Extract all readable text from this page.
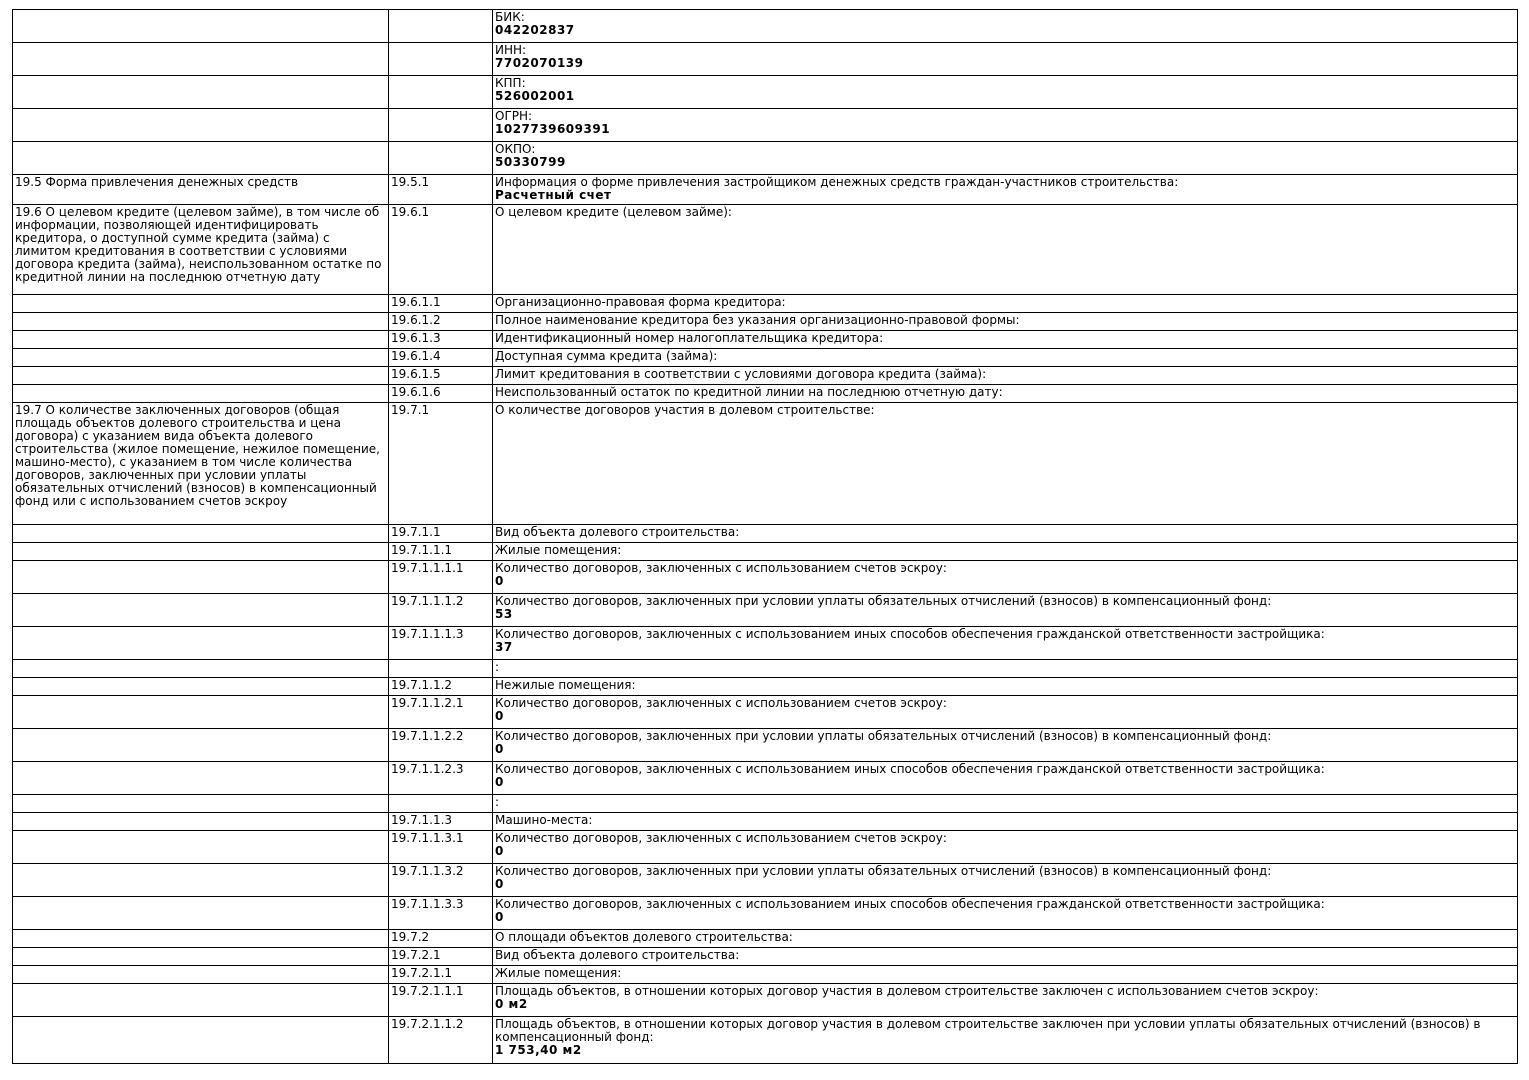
		БИК:
042202837

		ИНН:
7702070139

		КПП:
526002001

		ОГРН:
1027739609391

		ОКПО:
50330799

19.5 Форма привлечения денежных средств	19.5.1	Информация о форме привлечения застройщиком денежных средств граждан-участников строительства:
Расчетный счет

19.6 О целевом кредите (целевом займе), в том числе об информации, позволяющей идентифицировать кредитора, о доступной сумме кредита (займа) с лимитом кредитования в соответствии с условиями договора кредита (займа), неиспользованном остатке по кредитной линии на последнюю отчетную дату	19.6.1	О целевом кредите (целевом займе):

	19.6.1.1	Организационно-правовая форма кредитора:

	19.6.1.2	Полное наименование кредитора без указания организационно-правовой формы:

	19.6.1.3	Идентификационный номер налогоплательщика кредитора:

	19.6.1.4	Доступная сумма кредита (займа):

	19.6.1.5	Лимит кредитования в соответствии с условиями договора кредита (займа):

	19.6.1.6	Неиспользованный остаток по кредитной линии на последнюю отчетную дату:

19.7 О количестве заключенных договоров (общая площадь объектов долевого строительства и цена договора) с указанием вида объекта долевого строительства (жилое помещение, нежилое помещение, машино-место), с указанием в том числе количества договоров, заключенных при условии уплаты обязательных отчислений (взносов) в компенсационный фонд или с использованием счетов эскроу	19.7.1	О количестве договоров участия в долевом строительстве:

	19.7.1.1	Вид объекта долевого строительства:

	19.7.1.1.1	Жилые помещения:

	19.7.1.1.1.1	Количество договоров, заключенных с использованием счетов эскроу:
0

	19.7.1.1.1.2	Количество договоров, заключенных при условии уплаты обязательных отчислений (взносов) в компенсационный фонд:
53

	19.7.1.1.1.3	Количество договоров, заключенных с использованием иных способов обеспечения гражданской ответственности застройщика:
37

		:

	19.7.1.1.2	Нежилые помещения:

	19.7.1.1.2.1	Количество договоров, заключенных с использованием счетов эскроу:
0

	19.7.1.1.2.2	Количество договоров, заключенных при условии уплаты обязательных отчислений (взносов) в компенсационный фонд:
0

	19.7.1.1.2.3	Количество договоров, заключенных с использованием иных способов обеспечения гражданской ответственности застройщика:
0

		:

	19.7.1.1.3	Машино-места:

	19.7.1.1.3.1	Количество договоров, заключенных с использованием счетов эскроу:
0

	19.7.1.1.3.2	Количество договоров, заключенных при условии уплаты обязательных отчислений (взносов) в компенсационный фонд:
0

	19.7.1.1.3.3	Количество договоров, заключенных с использованием иных способов обеспечения гражданской ответственности застройщика:
0

	19.7.2	О площади объектов долевого строительства:

	19.7.2.1	Вид объекта долевого строительства:

	19.7.2.1.1	Жилые помещения:

	19.7.2.1.1.1	Площадь объектов, в отношении которых договор участия в долевом строительстве заключен с использованием счетов эскроу:
0 м2

	19.7.2.1.1.2	Площадь объектов, в отношении которых договор участия в долевом строительстве заключен при условии уплаты обязательных отчислений (взносов) в компенсационный фонд:
1 753,40 м2
